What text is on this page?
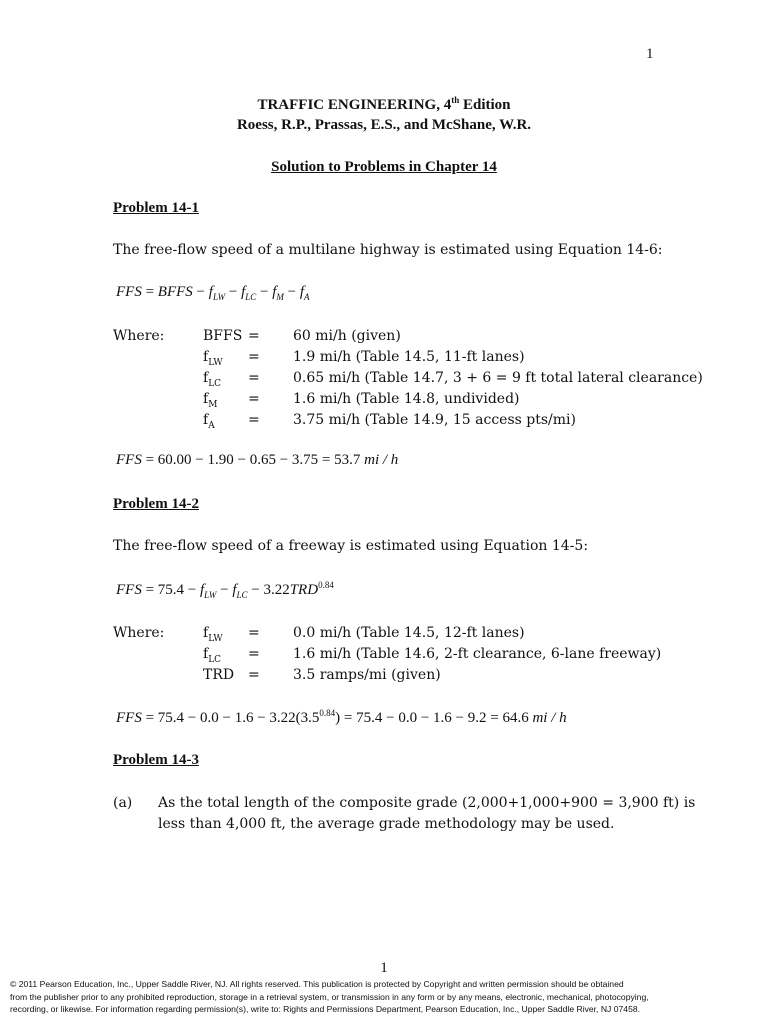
1
TRAFFIC ENGINEERING, 4th Edition
Roess, R.P., Prassas, E.S., and McShane, W.R.
Solution to Problems in Chapter 14
Problem 14-1
The free-flow speed of a multilane highway is estimated using Equation 14-6:
FFS = BFFS − $f_{LW} - f_{LC} - f_M - f_A$
Where:	BFFS = 60 mi/h (given)
$f_{LW} = 1.9$ mi/h (Table 14.5, 11-ft lanes)
$f_{LC} = 0.65$ mi/h (Table 14.7, 3 + 6 = 9 ft total lateral clearance)
$f_M = 1.6$ mi/h (Table 14.8, undivided)
$f_A = 3.75$ mi/h (Table 14.9, 15 access pts/mi)
FFS = 60.00 − 1.90 − 0.65 − 3.75 = 53.7 mi / h
Problem 14-2
The free-flow speed of a freeway is estimated using Equation 14-5:
FFS = $75.4 - f_{LW} - f_{LC} - 3.22TRD^{0.84}$
Where:	$f_{LW} = 0.0$ mi/h (Table 14.5, 12-ft lanes)
$f_{LC} = 1.6$ mi/h (Table 14.6, 2-ft clearance, 6-lane freeway)
TRD = 3.5 ramps/mi (given)
FFS = $75.4 - 0.0 - 1.6 - 3.22(3.5^{0.84}) = 75.4 - 0.0 - 1.6 - 9.2 = 64.6$ mi / h
Problem 14-3
(a) As the total length of the composite grade (2,000+1,000+900 = 3,900 ft) is
less than 4,000 ft, the average grade methodology may be used.
1
© 2011 Pearson Education, Inc., Upper Saddle River, NJ. All rights reserved. This publication is protected by Copyright and written permission should be obtained
from the publisher prior to any prohibited reproduction, storage in a retrieval system, or transmission in any form or by any means, electronic, mechanical, photocopying,
recording, or likewise. For information regarding permission(s), write to: Rights and Permissions Department, Pearson Education, Inc., Upper Saddle River, NJ 07458.
